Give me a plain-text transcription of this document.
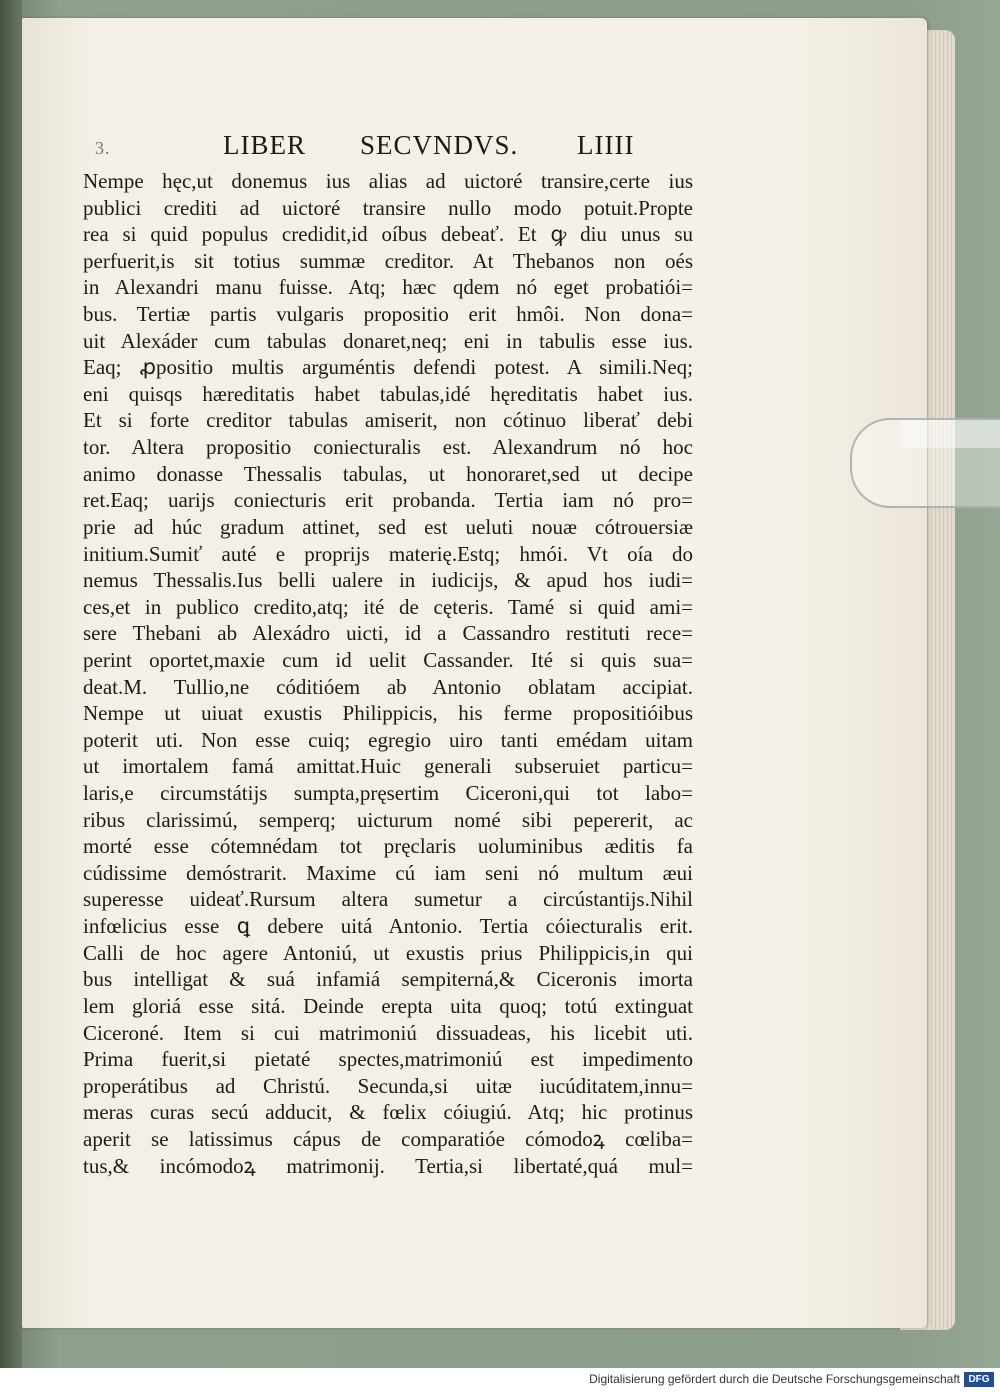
3.	LIBER SECVNDVS. LIIII
Nempe hęc,ut donemus ius alias ad uictoré transire,certe ius
publici crediti ad uictoré transire nullo modo potuit.Propte
rea si quid populus credidit,id oíbus debeať. Et ꝙ diu unus su
perfuerit,is sit totius summæ creditor. At Thebanos non oés
in Alexandri manu fuisse. Atq; hæc qdem nó eget probatiói=
bus. Tertiæ partis vulgaris propositio erit hmôi. Non dona=
uit Alexáder cum tabulas donaret,neq; eni in tabulis esse ius.
Eaq; ꝓpositio multis arguméntis defendi potest. A simili.Neq;
eni quisqs hæreditatis habet tabulas,idé hęreditatis habet ius.
Et si forte creditor tabulas amiserit, non cótinuo liberať debi
tor. Altera propositio coniecturalis est. Alexandrum nó hoc
animo donasse Thessalis tabulas, ut honoraret,sed ut decipe
ret.Eaq; uarijs coniecturis erit probanda. Tertia iam nó pro=
prie ad húc gradum attinet, sed est ueluti nouæ cótrouersiæ
initium.Sumiť auté e proprijs materię.Estq; hmói. Vt oía do
nemus Thessalis.Ius belli ualere in iudicijs, & apud hos iudi=
ces,et in publico credito,atq; ité de cęteris. Tamé si quid ami=
sere Thebani ab Alexádro uicti, id a Cassandro restituti rece=
perint oportet,maxie cum id uelit Cassander. Ité si quis sua=
deat.M. Tullio,ne códitióem ab Antonio oblatam accipiat.
Nempe ut uiuat exustis Philippicis, his ferme propositióibus
poterit uti. Non esse cuiq; egregio uiro tanti emédam uitam
ut imortalem famá amittat.Huic generali subseruiet particu=
laris,e circumstátijs sumpta,pręsertim Ciceroni,qui tot labo=
ribus clarissimú, semperq; uicturum nomé sibi pepererit, ac
morté esse cótemnédam tot pręclaris uoluminibus æditis fa
cúdissime demóstrarit. Maxime cú iam seni nó multum æui
superesse uideať.Rursum altera sumetur a circústantijs.Nihil
infœlicius esse ꝗ debere uitá Antonio. Tertia cóiecturalis erit.
Calli de hoc agere Antoniú, ut exustis prius Philippicis,in qui
bus intelligat & suá infamiá sempiterná,& Ciceronis imorta
lem gloriá esse sitá. Deinde erepta uita quoq; totú extinguat
Ciceroné. Item si cui matrimoniú dissuadeas, his licebit uti.
Prima fuerit,si pietaté spectes,matrimoniú est impedimento
properátibus ad Christú. Secunda,si uitæ iucúditatem,innu=
meras curas secú adducit, & fœlix cóiugiú. Atq; hic protinus
aperit se latissimus cápus de comparatióe cómodoꝝ cœliba=
tus,& incómodoꝝ matrimonij. Tertia,si libertaté,quá mul=
Digitalisierung gefördert durch die Deutsche Forschungsgemeinschaft DFG
